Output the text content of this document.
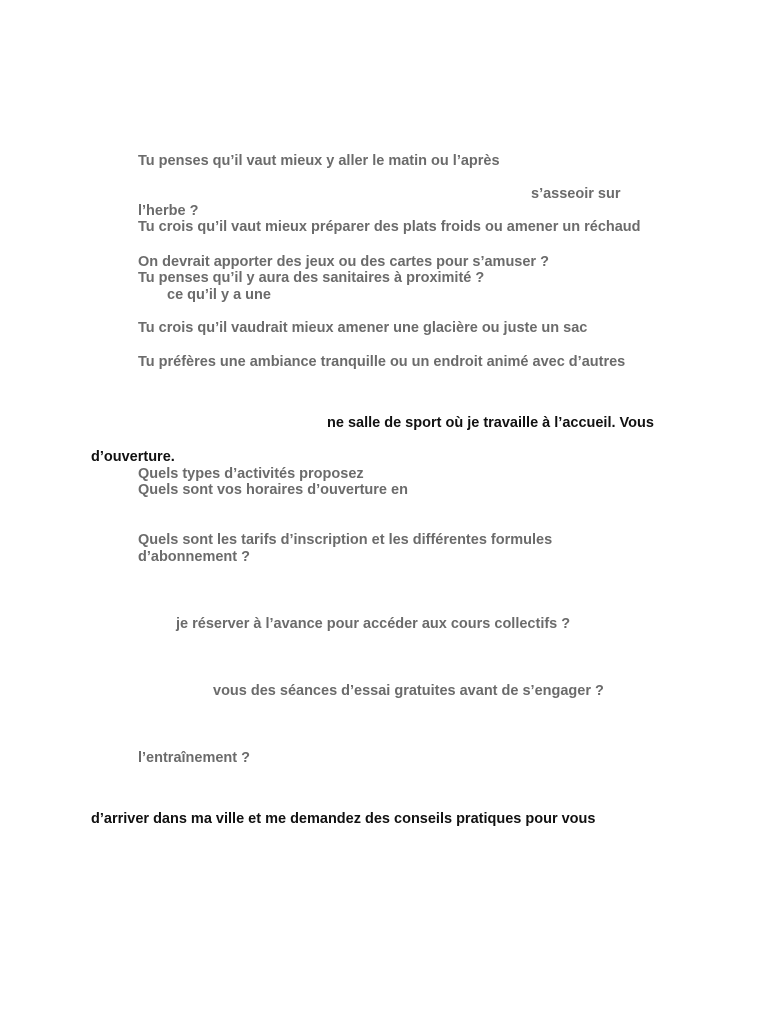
Tu penses qu’il vaut mieux y aller le matin ou l’après
s’asseoir sur
l’herbe ?
Tu crois qu’il vaut mieux préparer des plats froids ou amener un réchaud
On devrait apporter des jeux ou des cartes pour s’amuser ?
Tu penses qu’il y aura des sanitaires à proximité ?
ce qu’il y a une
Tu crois qu’il vaudrait mieux amener une glacière ou juste un sac
Tu préfères une ambiance tranquille ou un endroit animé avec d’autres
ne salle de sport où je travaille à l’accueil. Vous
d’ouverture.
Quels types d’activités proposez
Quels sont vos horaires d’ouverture en
Quels sont les tarifs d’inscription et les différentes formules
d’abonnement ?
je réserver à l’avance pour accéder aux cours collectifs ?
vous des séances d’essai gratuites avant de s’engager ?
l’entraînement ?
d’arriver dans ma ville et me demandez des conseils pratiques pour vous
